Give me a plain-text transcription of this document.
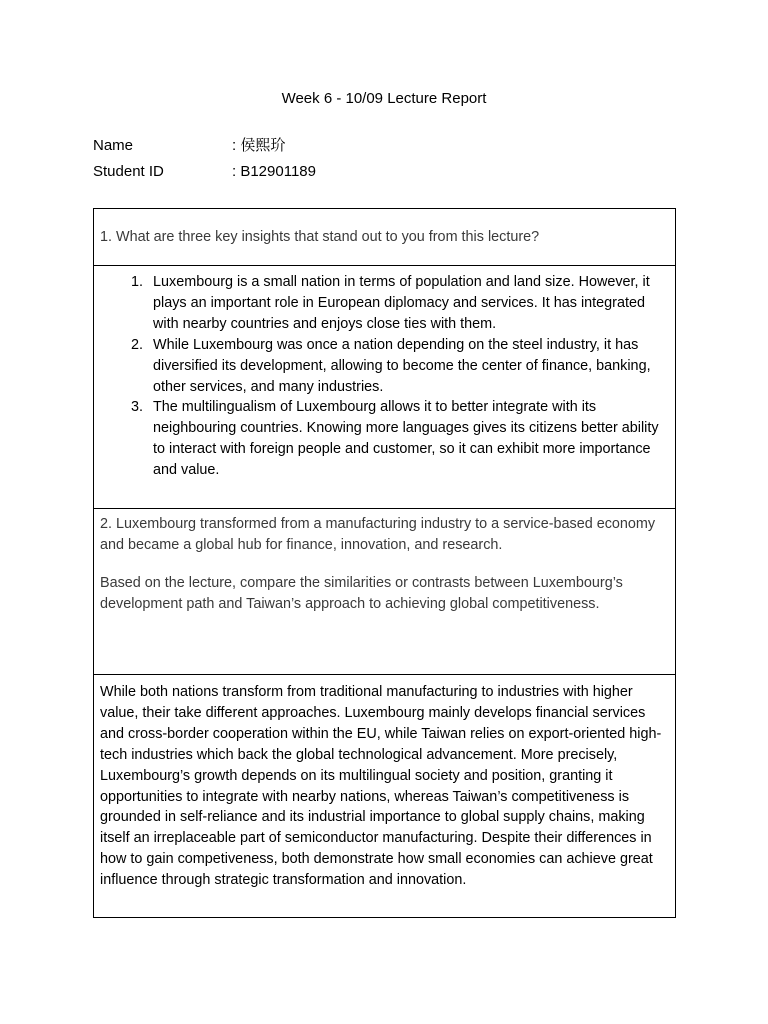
Week 6 - 10/09 Lecture Report
Name	: 侯熙玠
Student ID	: B12901189
1. What are three key insights that stand out to you from this lecture?
1. Luxembourg is a small nation in terms of population and land size. However, it plays an important role in European diplomacy and services. It has integrated with nearby countries and enjoys close ties with them.
2. While Luxembourg was once a nation depending on the steel industry, it has diversified its development, allowing to become the center of finance, banking, other services, and many industries.
3. The multilingualism of Luxembourg allows it to better integrate with its neighbouring countries. Knowing more languages gives its citizens better ability to interact with foreign people and customer, so it can exhibit more importance and value.

2. Luxembourg transformed from a manufacturing industry to a service-based economy and became a global hub for finance, innovation, and research.

Based on the lecture, compare the similarities or contrasts between Luxembourg’s development path and Taiwan’s approach to achieving global competitiveness.

While both nations transform from traditional manufacturing to industries with higher value, their take different approaches. Luxembourg mainly develops financial services and cross-border cooperation within the EU, while Taiwan relies on export-oriented high-tech industries which back the global technological advancement. More precisely, Luxembourg’s growth depends on its multilingual society and position, granting it opportunities to integrate with nearby nations, whereas Taiwan’s competitiveness is grounded in self-reliance and its industrial importance to global supply chains, making itself an irreplaceable part of semiconductor manufacturing. Despite their differences in how to gain competiveness, both demonstrate how small economies can achieve great influence through strategic transformation and innovation.
